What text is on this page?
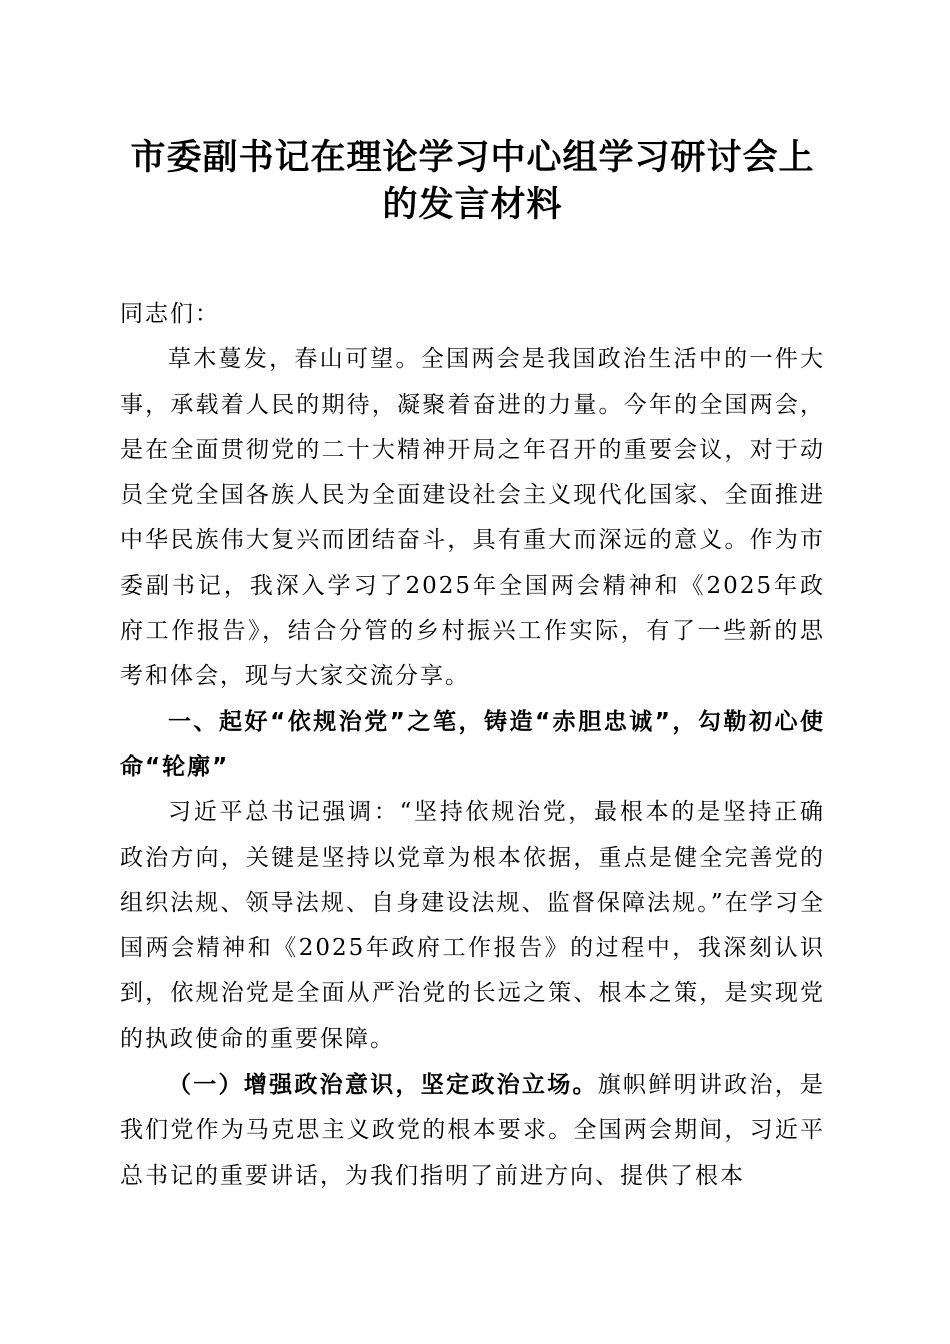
市委副书记在理论学习中心组学习研讨会上的发言材料

同志们：

草木蔓发，春山可望。全国两会是我国政治生活中的一件大事，承载着人民的期待，凝聚着奋进的力量。今年的全国两会，是在全面贯彻党的二十大精神开局之年召开的重要会议，对于动员全党全国各族人民为全面建设社会主义现代化国家、全面推进中华民族伟大复兴而团结奋斗，具有重大而深远的意义。作为市委副书记，我深入学习了2025年全国两会精神和《2025年政府工作报告》，结合分管的乡村振兴工作实际，有了一些新的思考和体会，现与大家交流分享。

一、起好“依规治党”之笔，铸造“赤胆忠诚”，勾勒初心使命“轮廓”

习近平总书记强调：“坚持依规治党，最根本的是坚持正确政治方向，关键是坚持以党章为根本依据，重点是健全完善党的组织法规、领导法规、自身建设法规、监督保障法规。”在学习全国两会精神和《2025年政府工作报告》的过程中，我深刻认识到，依规治党是全面从严治党的长远之策、根本之策，是实现党的执政使命的重要保障。

（一）增强政治意识，坚定政治立场。旗帜鲜明讲政治，是我们党作为马克思主义政党的根本要求。全国两会期间，习近平总书记的重要讲话，为我们指明了前进方向、提供了根本
